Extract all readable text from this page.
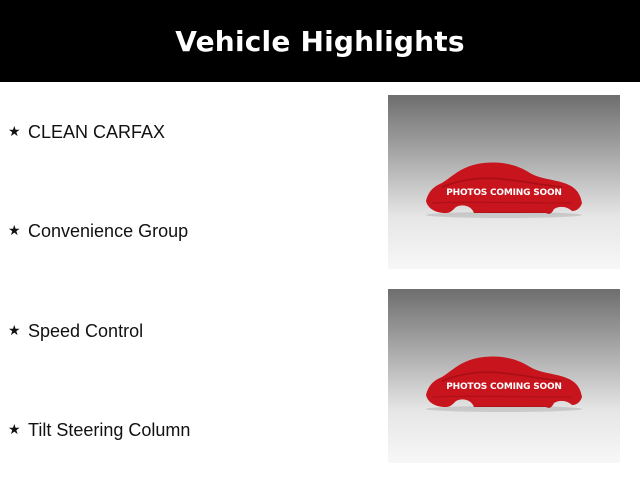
Vehicle Highlights
★ CLEAN CARFAX
★ Convenience Group
★ Speed Control
★ Tilt Steering Column
PHOTOS COMING SOON
PHOTOS COMING SOON
